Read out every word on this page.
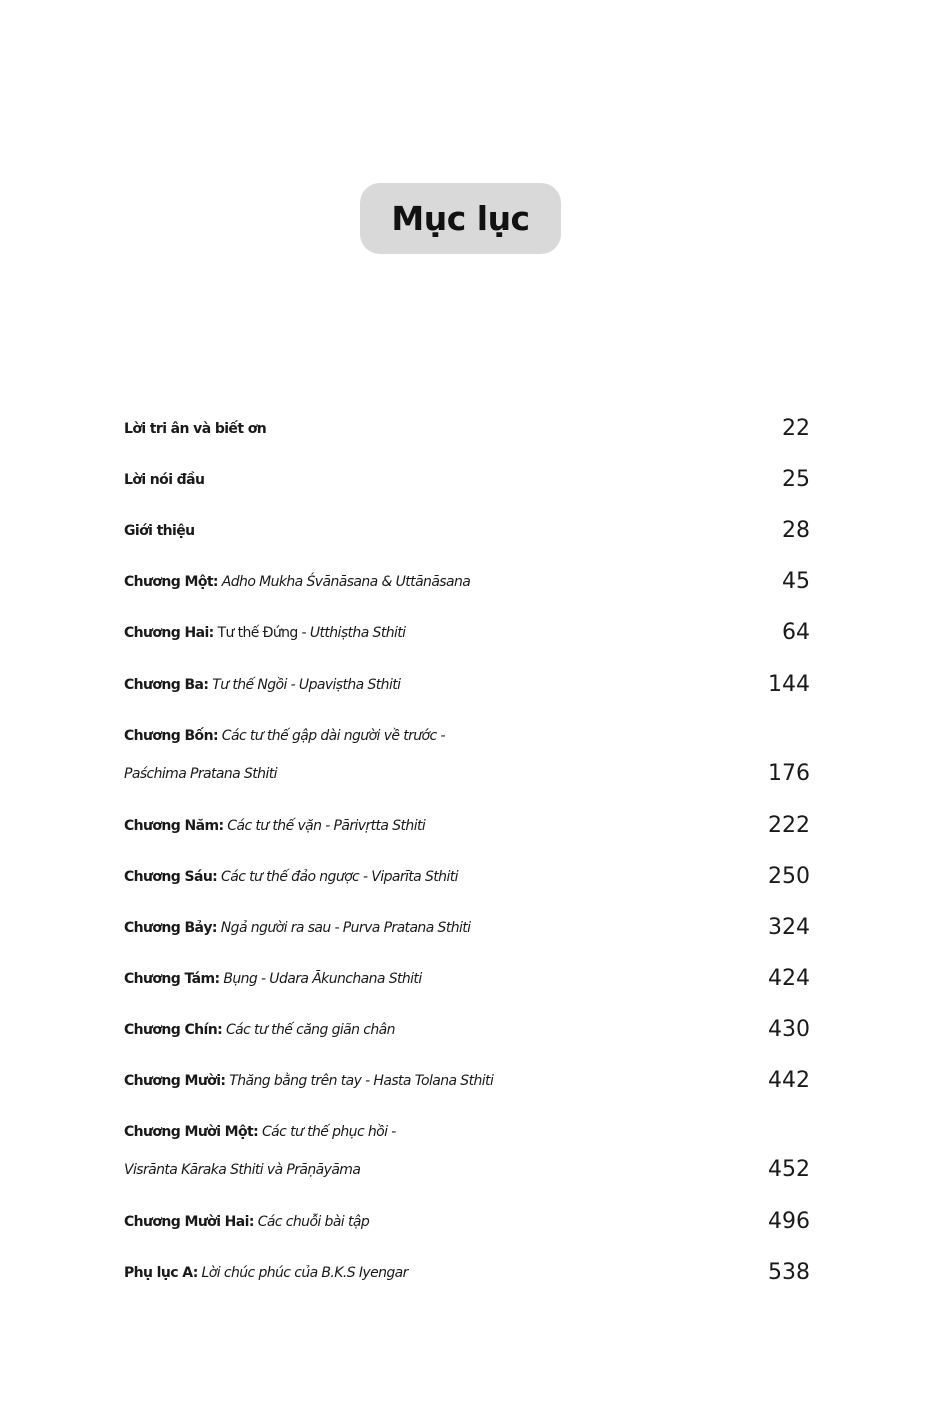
Mục lục
Lời tri ân và biết ơn	22
Lời nói đầu	25
Giới thiệu	28
Chương Một: Adho Mukha Śvānāsana & Uttānāsana	45
Chương Hai: Tư thế Đứng - Utthiṣtha Sthiti	64
Chương Ba: Tư thế Ngồi - Upaviṣtha Sthiti	144
Chương Bốn: Các tư thế gập dài người về trước -
Paśchima Pratana Sthiti	176
Chương Năm: Các tư thế vặn - Pārivṛtta Sthiti	222
Chương Sáu: Các tư thế đảo ngược - Viparīta Sthiti	250
Chương Bảy: Ngả người ra sau - Purva Pratana Sthiti	324
Chương Tám: Bụng - Udara Ākunchana Sthiti	424
Chương Chín: Các tư thế căng giãn chân	430
Chương Mười: Thăng bằng trên tay - Hasta Tolana Sthiti	442
Chương Mười Một: Các tư thế phục hồi -
Visrānta Kāraka Sthiti và Prāṇāyāma	452
Chương Mười Hai: Các chuỗi bài tập	496
Phụ lục A: Lời chúc phúc của B.K.S Iyengar	538
